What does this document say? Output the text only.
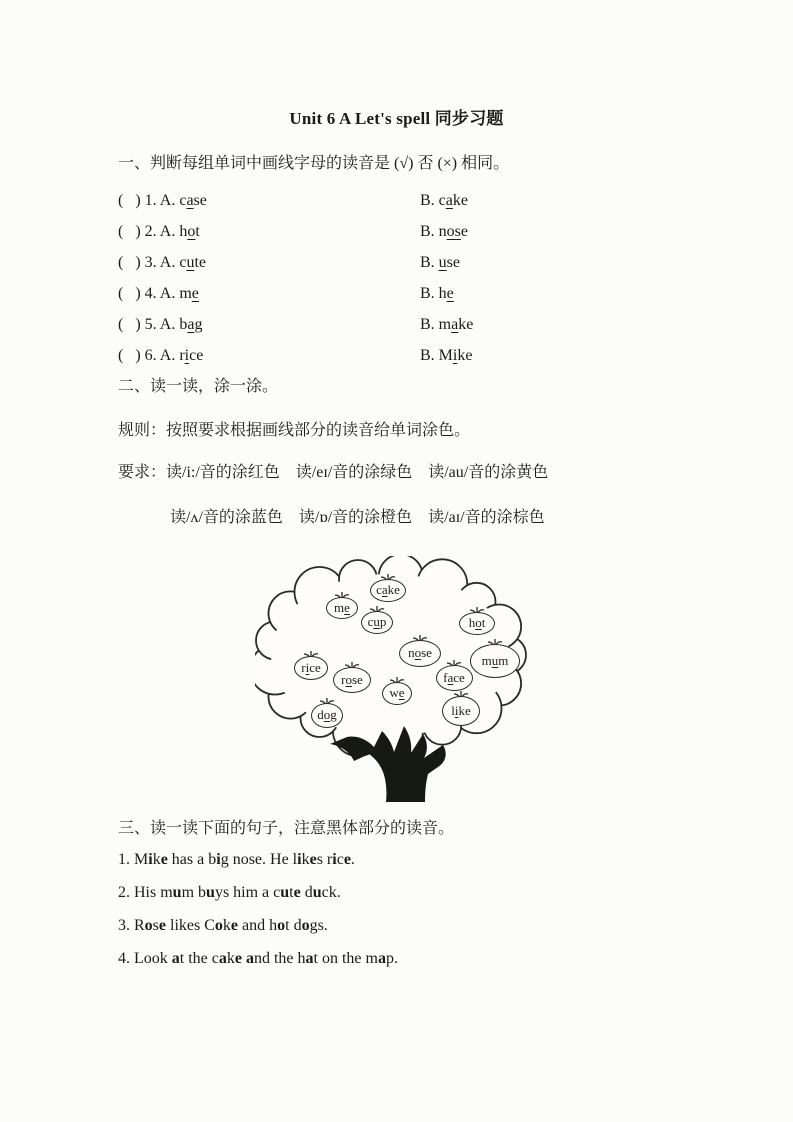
Unit 6 A Let's spell 同步习题
一、判断每组单词中画线字母的读音是 (√) 否 (×) 相同。
(   ) 1. A. case	B. cake
(   ) 2. A. hot	B. nose
(   ) 3. A. cute	B. use
(   ) 4. A. me	B. he
(   ) 5. A. bag	B. make
(   ) 6. A. rice	B. Mike
二、读一读，涂一涂。
规则：按照要求根据画线部分的读音给单词涂色。
要求：读/i:/音的涂红色　读/eɪ/音的涂绿色　读/au/音的涂黄色
读/ʌ/音的涂蓝色　读/ɒ/音的涂橙色　读/aɪ/音的涂棕色
cake
me
cup	hot
nose
mum
rice
rose	face
we
like
dog
三、读一读下面的句子，注意黑体部分的读音。
1. Mike has a big nose. He likes rice.
2. His mum buys him a cute duck.
3. Rose likes Coke and hot dogs.
4. Look at the cake and the hat on the map.
